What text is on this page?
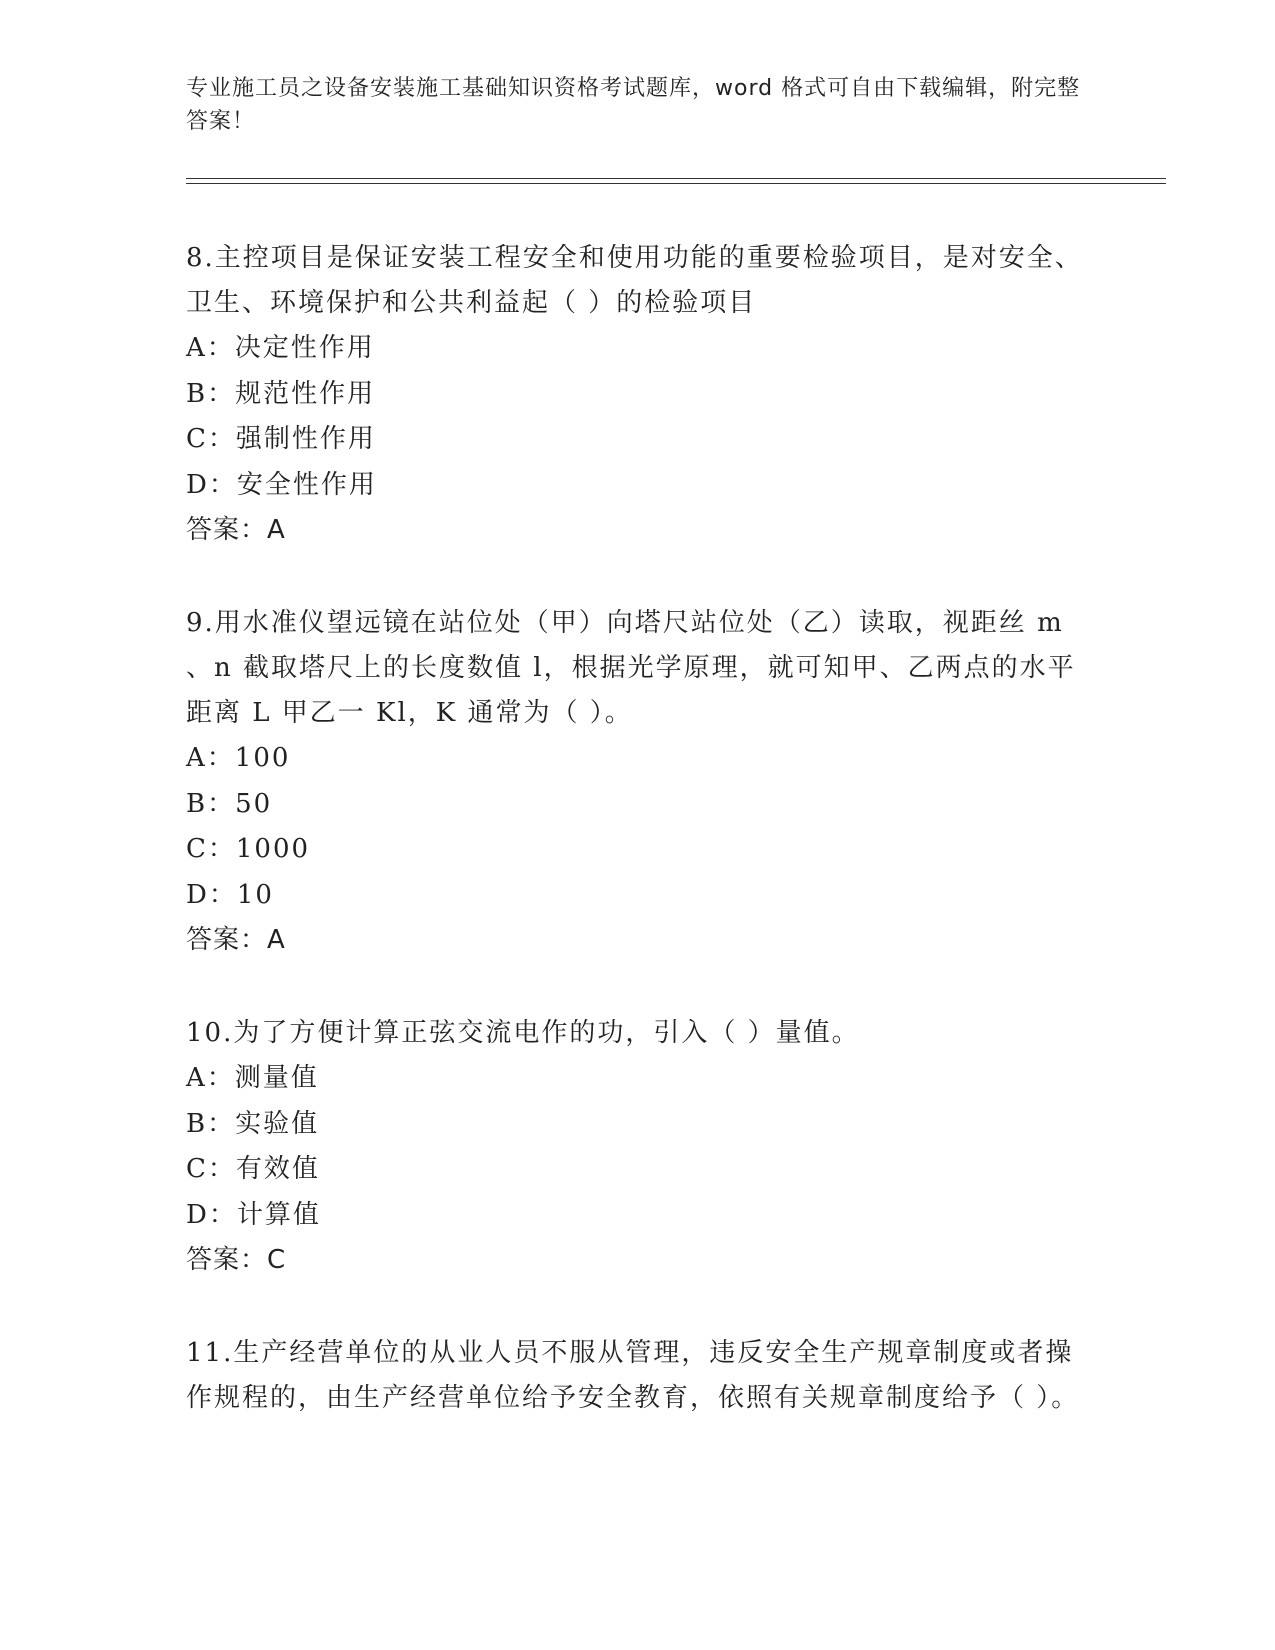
专业施工员之设备安装施工基础知识资格考试题库，word 格式可自由下载编辑，附完整答案！

8.主控项目是保证安装工程安全和使用功能的重要检验项目，是对安全、卫生、环境保护和公共利益起（ ）的检验项目

A：决定性作用

B：规范性作用

C：强制性作用

D：安全性作用

答案：A

9.用水准仪望远镜在站位处（甲）向塔尺站位处（乙）读取，视距丝 m 、n 截取塔尺上的长度数值 l，根据光学原理，就可知甲、乙两点的水平距离 L 甲乙一 Kl，K 通常为（ ）。

A：100

B：50

C：1000

D：10

答案：A

10.为了方便计算正弦交流电作的功，引入（ ）量值。

A：测量值

B：实验值

C：有效值

D：计算值

答案：C

11.生产经营单位的从业人员不服从管理，违反安全生产规章制度或者操作规程的，由生产经营单位给予安全教育，依照有关规章制度给予（ ）。
